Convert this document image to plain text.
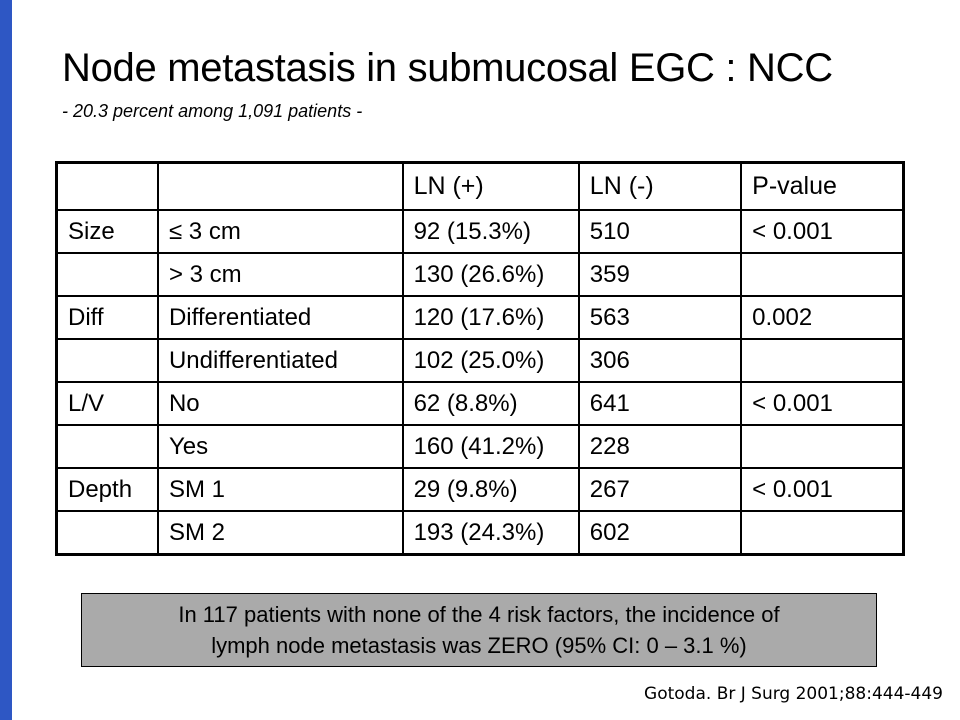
Node metastasis in submucosal EGC : NCC
- 20.3 percent among 1,091 patients -
		LN (+)	LN (-)	P-value
Size	≤ 3 cm	92 (15.3%)	510	< 0.001
	> 3 cm	130 (26.6%)	359	
Diff	Differentiated	120 (17.6%)	563	0.002
	Undifferentiated	102 (25.0%)	306	
L/V	No	62 (8.8%)	641	< 0.001
	Yes	160 (41.2%)	228	
Depth	SM 1	29 (9.8%)	267	< 0.001
	SM 2	193 (24.3%)	602	
In 117 patients with none of the 4 risk factors, the incidence of
lymph node metastasis was ZERO (95% CI: 0 – 3.1 %)
Gotoda. Br J Surg 2001;88:444-449
